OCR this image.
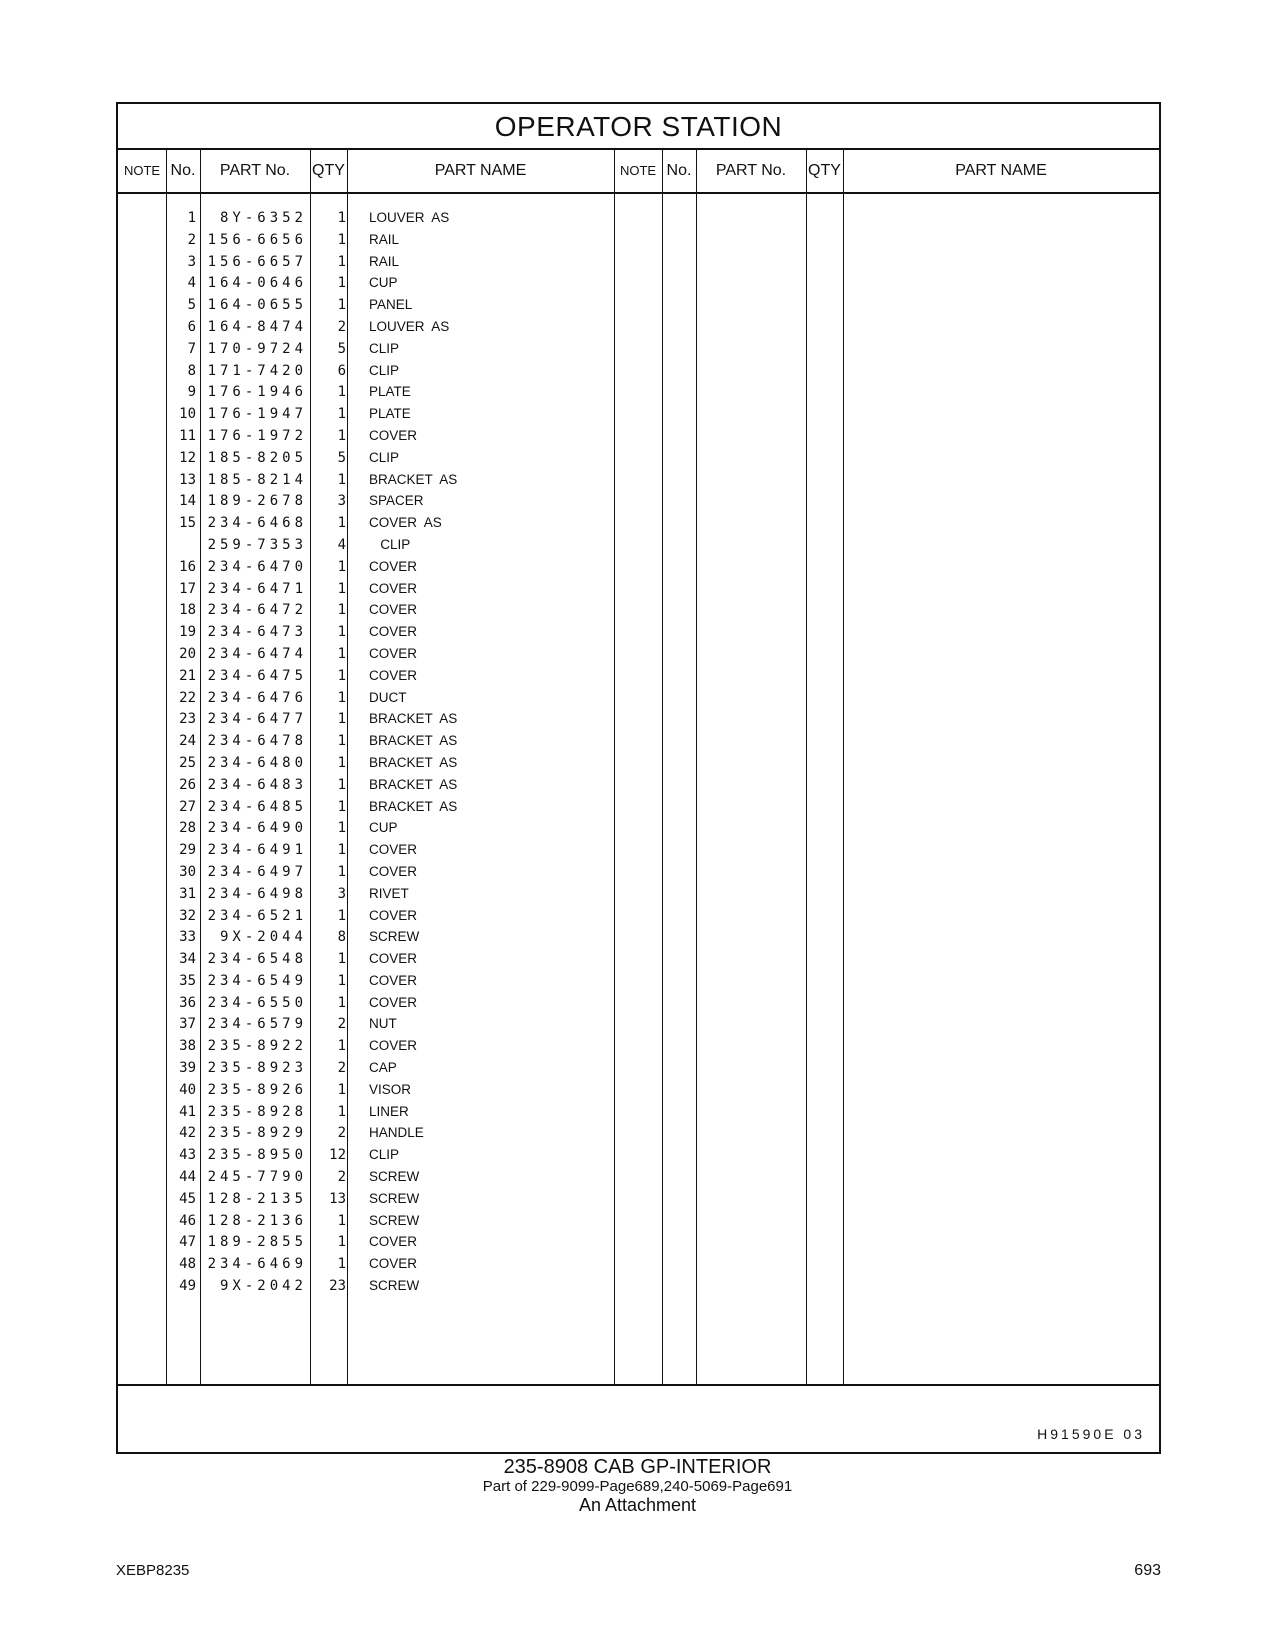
OPERATOR STATION
NOTE No.	PART No.	QTY	PART NAME	NOTE No.	PART No.	QTY	PART NAME
1	8Y-6352	1 LOUVER  AS
2 156-6656	1 RAIL
3 156-6657	1 RAIL
4 164-0646	1 CUP
5 164-0655	1 PANEL
6 164-8474	2 LOUVER  AS
7 170-9724	5 CLIP
8 171-7420	6 CLIP
9 176-1946	1 PLATE
10 176-1947	1 PLATE
11 176-1972	1 COVER
12 185-8205	5 CLIP
13 185-8214	1 BRACKET  AS
14 189-2678	3 SPACER
15 234-6468	1 COVER  AS
259-7353	4 CLIP
16 234-6470	1 COVER
17 234-6471	1 COVER
18 234-6472	1 COVER
19 234-6473	1 COVER
20 234-6474	1 COVER
21 234-6475	1 COVER
22 234-6476	1 DUCT
23 234-6477	1 BRACKET  AS
24 234-6478	1 BRACKET  AS
25 234-6480	1 BRACKET  AS
26 234-6483	1 BRACKET  AS
27 234-6485	1 BRACKET  AS
28 234-6490	1 CUP
29 234-6491	1 COVER
30 234-6497	1 COVER
31 234-6498	3 RIVET
32 234-6521	1 COVER
33	9X-2044	8 SCREW
34 234-6548	1 COVER
35 234-6549	1 COVER
36 234-6550	1 COVER
37 234-6579	2 NUT
38 235-8922	1 COVER
39 235-8923	2 CAP
40 235-8926	1 VISOR
41 235-8928	1 LINER
42 235-8929	2 HANDLE
43 235-8950	12 CLIP
44 245-7790	2 SCREW
45 128-2135	13 SCREW
46 128-2136	1 SCREW
47 189-2855	1 COVER
48 234-6469	1 COVER
49	9X-2042	23 SCREW
H91590E 03
235-8908 CAB GP-INTERIOR
Part of 229-9099-Page689,240-5069-Page691
An Attachment
XEBP8235	693
